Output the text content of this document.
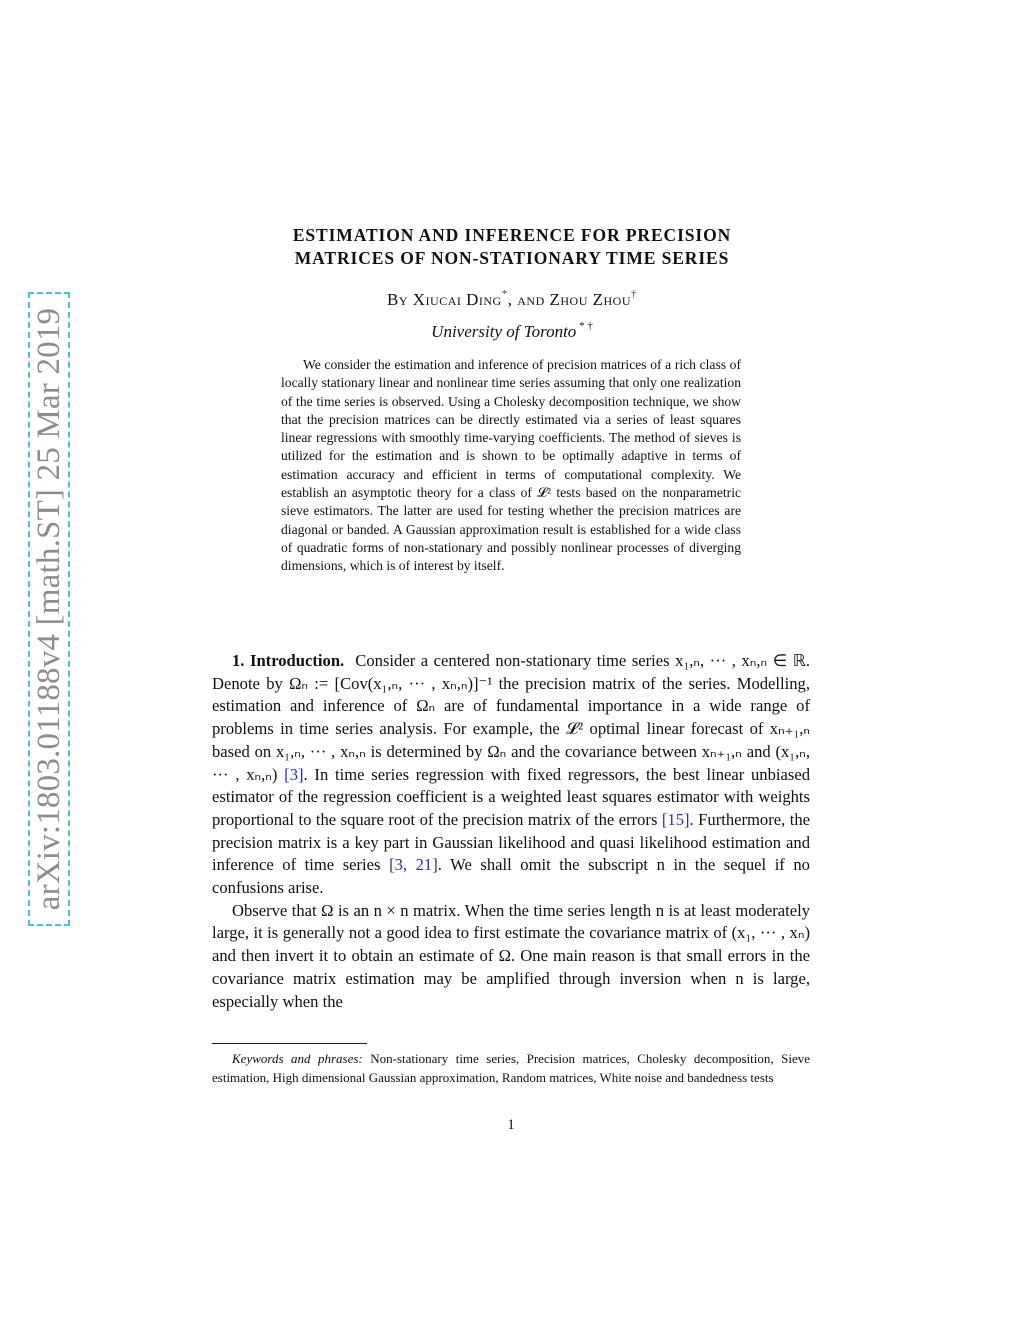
arXiv:1803.01188v4 [math.ST] 25 Mar 2019
ESTIMATION AND INFERENCE FOR PRECISION
MATRICES OF NON-STATIONARY TIME SERIES
By Xiucai Ding*, and Zhou Zhou†
University of Toronto * †
We consider the estimation and inference of precision matrices of a rich class of locally stationary linear and nonlinear time series assuming that only one realization of the time series is observed. Using a Cholesky decomposition technique, we show that the precision matrices can be directly estimated via a series of least squares linear regressions with smoothly time-varying coefficients. The method of sieves is utilized for the estimation and is shown to be optimally adaptive in terms of estimation accuracy and efficient in terms of computational complexity. We establish an asymptotic theory for a class of 𝓛² tests based on the nonparametric sieve estimators. The latter are used for testing whether the precision matrices are diagonal or banded. A Gaussian approximation result is established for a wide class of quadratic forms of non-stationary and possibly nonlinear processes of diverging dimensions, which is of interest by itself.

1. Introduction. Consider a centered non-stationary time series x₁,ₙ, ··· , xₙ,ₙ ∈ ℝ. Denote by Ωₙ := [Cov(x₁,ₙ, ··· , xₙ,ₙ)]⁻¹ the precision matrix of the series. Modelling, estimation and inference of Ωₙ are of fundamental importance in a wide range of problems in time series analysis. For example, the 𝓛² optimal linear forecast of xₙ₊₁,ₙ based on x₁,ₙ, ··· , xₙ,ₙ is determined by Ωₙ and the covariance between xₙ₊₁,ₙ and (x₁,ₙ, ··· , xₙ,ₙ) [3]. In time series regression with fixed regressors, the best linear unbiased estimator of the regression coefficient is a weighted least squares estimator with weights proportional to the square root of the precision matrix of the errors [15]. Furthermore, the precision matrix is a key part in Gaussian likelihood and quasi likelihood estimation and inference of time series [3, 21]. We shall omit the subscript n in the sequel if no confusions arise.

Observe that Ω is an n × n matrix. When the time series length n is at least moderately large, it is generally not a good idea to first estimate the covariance matrix of (x₁, ··· , xₙ) and then invert it to obtain an estimate of Ω. One main reason is that small errors in the covariance matrix estimation may be amplified through inversion when n is large, especially when the

Keywords and phrases: Non-stationary time series, Precision matrices, Cholesky decomposition, Sieve estimation, High dimensional Gaussian approximation, Random matrices, White noise and bandedness tests
1
